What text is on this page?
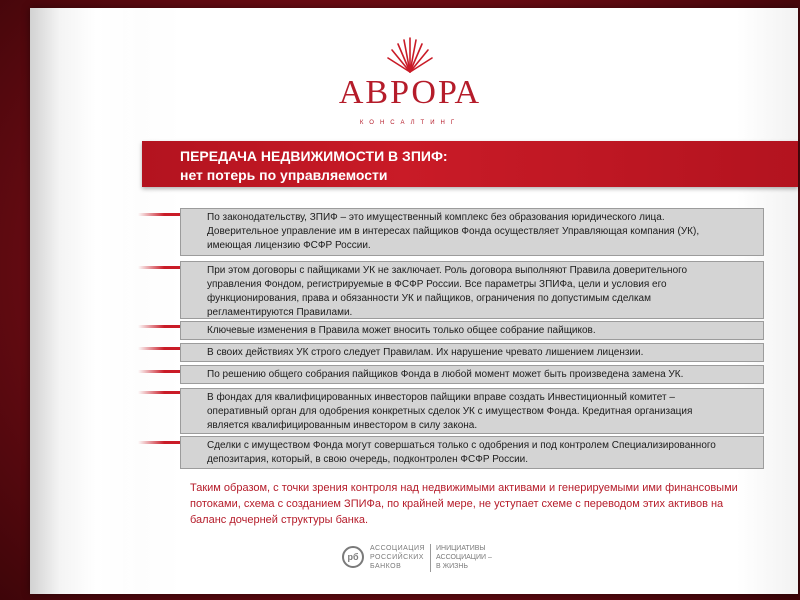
АВРОРА
КОНСАЛТИНГ
ПЕРЕДАЧА НЕДВИЖИМОСТИ В ЗПИФ:
нет потерь по управляемости
По законодательству, ЗПИФ – это имущественный комплекс без образования юридического лица. Доверительное управление им в интересах пайщиков Фонда осуществляет Управляющая компания (УК), имеющая лицензию ФСФР России.
При этом договоры с пайщиками УК не заключает. Роль договора выполняют Правила доверительного управления Фондом, регистрируемые в ФСФР России. Все параметры ЗПИФа, цели и условия его функционирования, права и обязанности УК и пайщиков, ограничения по допустимым сделкам регламентируются Правилами.
Ключевые изменения в Правила может вносить только общее собрание пайщиков.
В своих действиях УК строго следует Правилам. Их нарушение чревато лишением лицензии.
По решению общего собрания пайщиков Фонда в любой момент может быть произведена замена УК.
В фондах для квалифицированных инвесторов пайщики вправе создать Инвестиционный комитет – оперативный орган для одобрения конкретных сделок УК с имуществом Фонда. Кредитная организация является квалифицированным инвестором в силу закона.
Сделки с имуществом Фонда могут совершаться только с одобрения и под контролем Специализированного депозитария, который, в свою очередь, подконтролен ФСФР России.
Таким образом, с точки зрения контроля над недвижимыми активами и генерируемыми ими финансовыми потоками, схема с созданием ЗПИФа, по крайней мере, не уступает схеме с переводом этих активов на баланс дочерней структуры банка.
рб
АССОЦИАЦИЯ
РОССИЙСКИХ
БАНКОВ
ИНИЦИАТИВЫ
АССОЦИАЦИИ –
В ЖИЗНЬ
